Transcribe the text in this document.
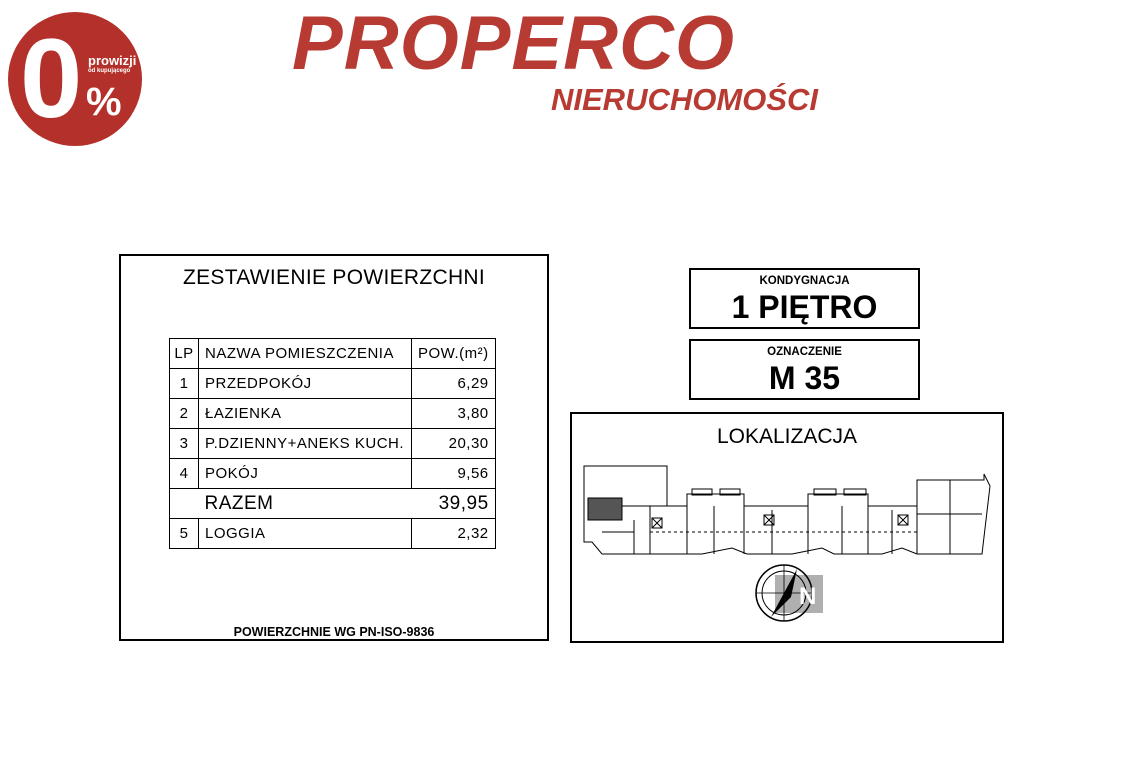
0 prowizji
od kupującego
%
PROPERCO
NIERUCHOMOŚCI
ZESTAWIENIE POWIERZCHNI
LP	NAZWA POMIESZCZENIA	POW.(m²)
1	PRZEDPOKÓJ	6,29
2	ŁAZIENKA	3,80
3	P.DZIENNY+ANEKS KUCH.	20,30
4	POKÓJ	9,56
	RAZEM	39,95
5	LOGGIA	2,32
POWIERZCHNIE WG PN-ISO-9836
KONDYGNACJA
1 PIĘTRO
OZNACZENIE
M 35
LOKALIZACJA
N
